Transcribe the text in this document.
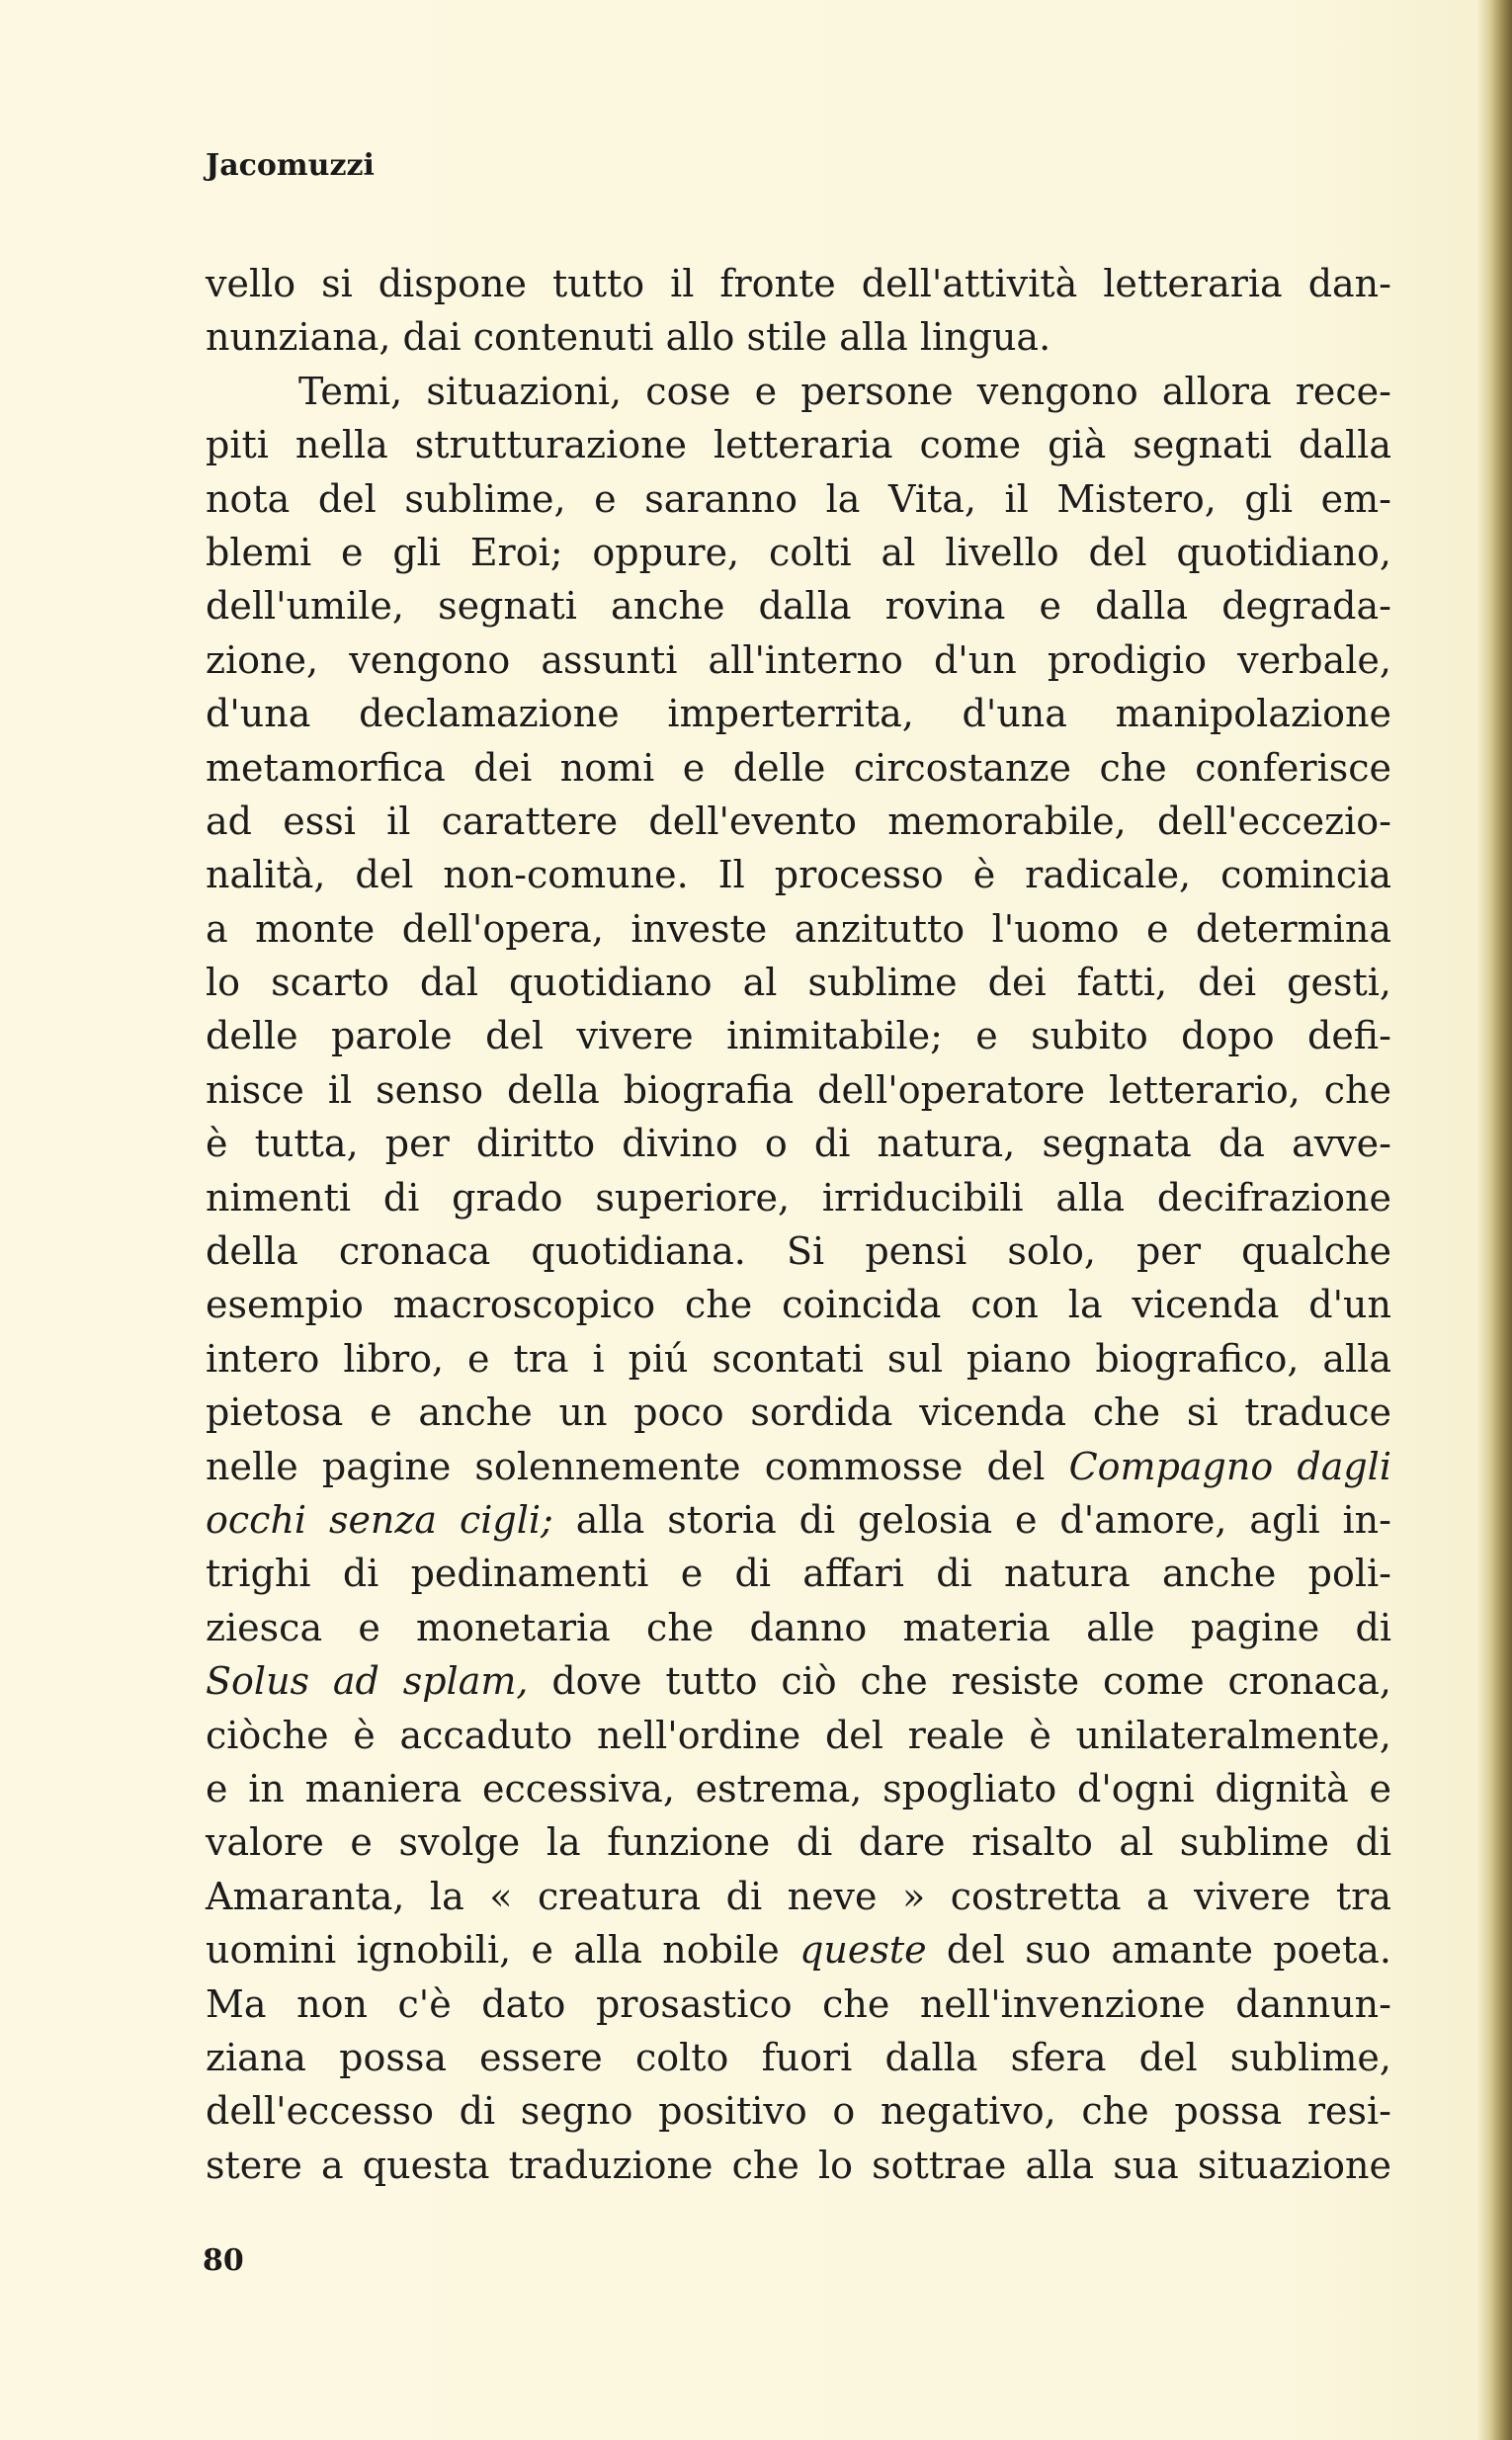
Jacomuzzi
vello si dispone tutto il fronte dell'attività letteraria dan-
nunziana, dai contenuti allo stile alla lingua.
Temi, situazioni, cose e persone vengono allora rece-
piti nella strutturazione letteraria come già segnati dalla
nota del sublime, e saranno la Vita, il Mistero, gli em-
blemi e gli Eroi; oppure, colti al livello del quotidiano,
dell'umile, segnati anche dalla rovina e dalla degrada-
zione, vengono assunti all'interno d'un prodigio verbale,
d'una declamazione imperterrita, d'una manipolazione
metamorfica dei nomi e delle circostanze che conferisce
ad essi il carattere dell'evento memorabile, dell'eccezio-
nalità, del non-comune. Il processo è radicale, comincia
a monte dell'opera, investe anzitutto l'uomo e determina
lo scarto dal quotidiano al sublime dei fatti, dei gesti,
delle parole del vivere inimitabile; e subito dopo defi-
nisce il senso della biografia dell'operatore letterario, che
è tutta, per diritto divino o di natura, segnata da avve-
nimenti di grado superiore, irriducibili alla decifrazione
della cronaca quotidiana. Si pensi solo, per qualche
esempio macroscopico che coincida con la vicenda d'un
intero libro, e tra i piú scontati sul piano biografico, alla
pietosa e anche un poco sordida vicenda che si traduce
nelle pagine solennemente commosse del Compagno dagli
occhi senza cigli; alla storia di gelosia e d'amore, agli in-
trighi di pedinamenti e di affari di natura anche poli-
ziesca e monetaria che danno materia alle pagine di
Solus ad splam, dove tutto ciò che resiste come cronaca,
ciòche è accaduto nell'ordine del reale è unilateralmente,
e in maniera eccessiva, estrema, spogliato d'ogni dignità e
valore e svolge la funzione di dare risalto al sublime di
Amaranta, la « creatura di neve » costretta a vivere tra
uomini ignobili, e alla nobile queste del suo amante poeta.
Ma non c'è dato prosastico che nell'invenzione dannun-
ziana possa essere colto fuori dalla sfera del sublime,
dell'eccesso di segno positivo o negativo, che possa resi-
stere a questa traduzione che lo sottrae alla sua situazione
80
